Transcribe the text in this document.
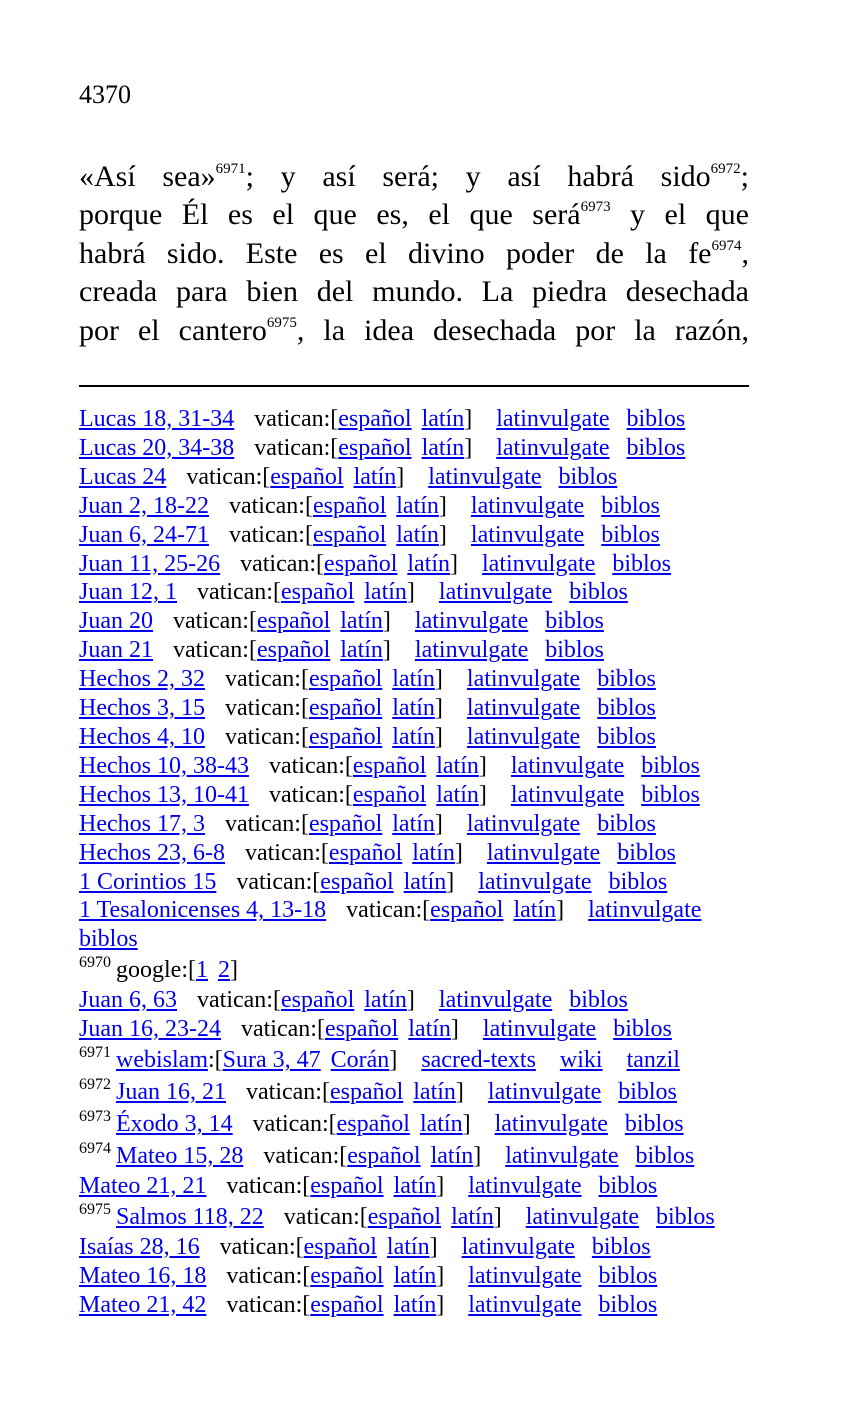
4370
«Así sea»$^{6971}$; y así será; y así habrá sido$^{6972}$;
porque Él es el que es, el que será$^{6973}$ y el que
habrá sido. Este es el divino poder de la $fe^{6974}$,
creada para bien del mundo. La piedra desechada
por el cantero$^{6975}$, la idea desechada por la razón,
Lucas 18, 31-34 vatican:[español latín] latinvulgate biblos
Lucas 20, 34-38 vatican:[español latín] latinvulgate biblos
Lucas 24 vatican:[español latín] latinvulgate biblos
Juan 2, 18-22 vatican:[español latín] latinvulgate biblos
Juan 6, 24-71 vatican:[español latín] latinvulgate biblos
Juan 11, 25-26 vatican:[español latín] latinvulgate biblos
Juan 12, 1 vatican:[español latín] latinvulgate biblos
Juan 20 vatican:[español latín] latinvulgate biblos
Juan 21 vatican:[español latín] latinvulgate biblos
Hechos 2, 32 vatican:[español latín] latinvulgate biblos
Hechos 3, 15 vatican:[español latín] latinvulgate biblos
Hechos 4, 10 vatican:[español latín] latinvulgate biblos
Hechos 10, 38-43 vatican:[español latín] latinvulgate biblos
Hechos 13, 10-41 vatican:[español latín] latinvulgate biblos
Hechos 17, 3 vatican:[español latín] latinvulgate biblos
Hechos 23, 6-8 vatican:[español latín] latinvulgate biblos
1 Corintios 15 vatican:[español latín] latinvulgate biblos
1 Tesalonicenses 4, 13-18 vatican:[español latín] latinvulgate
biblos
$^{6970}$ google:[1 2]
Juan 6, 63 vatican:[español latín] latinvulgate biblos
Juan 16, 23-24 vatican:[español latín] latinvulgate biblos
$^{6971}$ webislam:[Sura 3, 47 Corán] sacred-texts wiki tanzil
$^{6972}$ Juan 16, 21 vatican:[español latín] latinvulgate biblos
$^{6973}$ Éxodo 3, 14 vatican:[español latín] latinvulgate biblos
$^{6974}$ Mateo 15, 28 vatican:[español latín] latinvulgate biblos
Mateo 21, 21 vatican:[español latín] latinvulgate biblos
$^{6975}$ Salmos 118, 22 vatican:[español latín] latinvulgate biblos
Isaías 28, 16 vatican:[español latín] latinvulgate biblos
Mateo 16, 18 vatican:[español latín] latinvulgate biblos
Mateo 21, 42 vatican:[español latín] latinvulgate biblos
